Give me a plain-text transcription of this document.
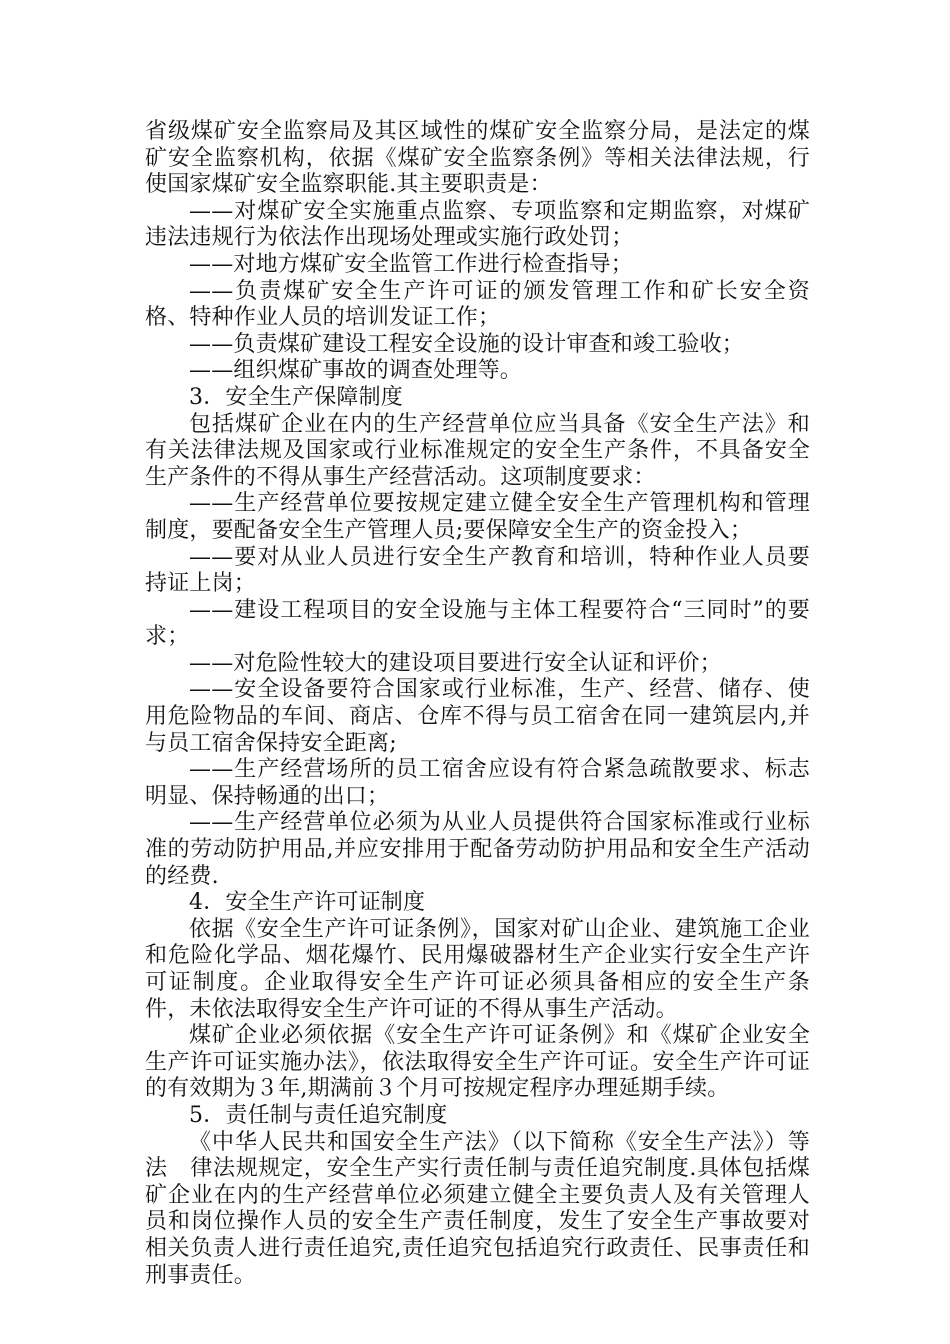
省级煤矿安全监察局及其区域性的煤矿安全监察分局，是法定的煤矿安全监察机构，依据《煤矿安全监察条例》等相关法律法规，行使国家煤矿安全监察职能.其主要职责是：

——对煤矿安全实施重点监察、专项监察和定期监察，对煤矿违法违规行为依法作出现场处理或实施行政处罚；

——对地方煤矿安全监管工作进行检查指导；

——负责煤矿安全生产许可证的颁发管理工作和矿长安全资格、特种作业人员的培训发证工作；

——负责煤矿建设工程安全设施的设计审查和竣工验收；

——组织煤矿事故的调查处理等。

3．安全生产保障制度

包括煤矿企业在内的生产经营单位应当具备《安全生产法》和有关法律法规及国家或行业标准规定的安全生产条件，不具备安全生产条件的不得从事生产经营活动。这项制度要求：

——生产经营单位要按规定建立健全安全生产管理机构和管理制度，要配备安全生产管理人员;要保障安全生产的资金投入；

——要对从业人员进行安全生产教育和培训，特种作业人员要持证上岗；

——建设工程项目的安全设施与主体工程要符合“三同时”的要求；

——对危险性较大的建设项目要进行安全认证和评价；

——安全设备要符合国家或行业标准，生产、经营、储存、使用危险物品的车间、商店、仓库不得与员工宿舍在同一建筑层内,并与员工宿舍保持安全距离;

——生产经营场所的员工宿舍应设有符合紧急疏散要求、标志明显、保持畅通的出口；

——生产经营单位必须为从业人员提供符合国家标准或行业标准的劳动防护用品,并应安排用于配备劳动防护用品和安全生产活动的经费.

4．安全生产许可证制度

依据《安全生产许可证条例》，国家对矿山企业、建筑施工企业和危险化学品、烟花爆竹、民用爆破器材生产企业实行安全生产许可证制度。企业取得安全生产许可证必须具备相应的安全生产条件，未依法取得安全生产许可证的不得从事生产活动。

煤矿企业必须依据《安全生产许可证条例》和《煤矿企业安全生产许可证实施办法》，依法取得安全生产许可证。安全生产许可证的有效期为３年,期满前３个月可按规定程序办理延期手续。

5．责任制与责任追究制度

《中华人民共和国安全生产法》（以下简称《安全生产法》）等法　律法规规定，安全生产实行责任制与责任追究制度.具体包括煤矿企业在内的生产经营单位必须建立健全主要负责人及有关管理人员和岗位操作人员的安全生产责任制度，发生了安全生产事故要对相关负责人进行责任追究,责任追究包括追究行政责任、民事责任和刑事责任。
